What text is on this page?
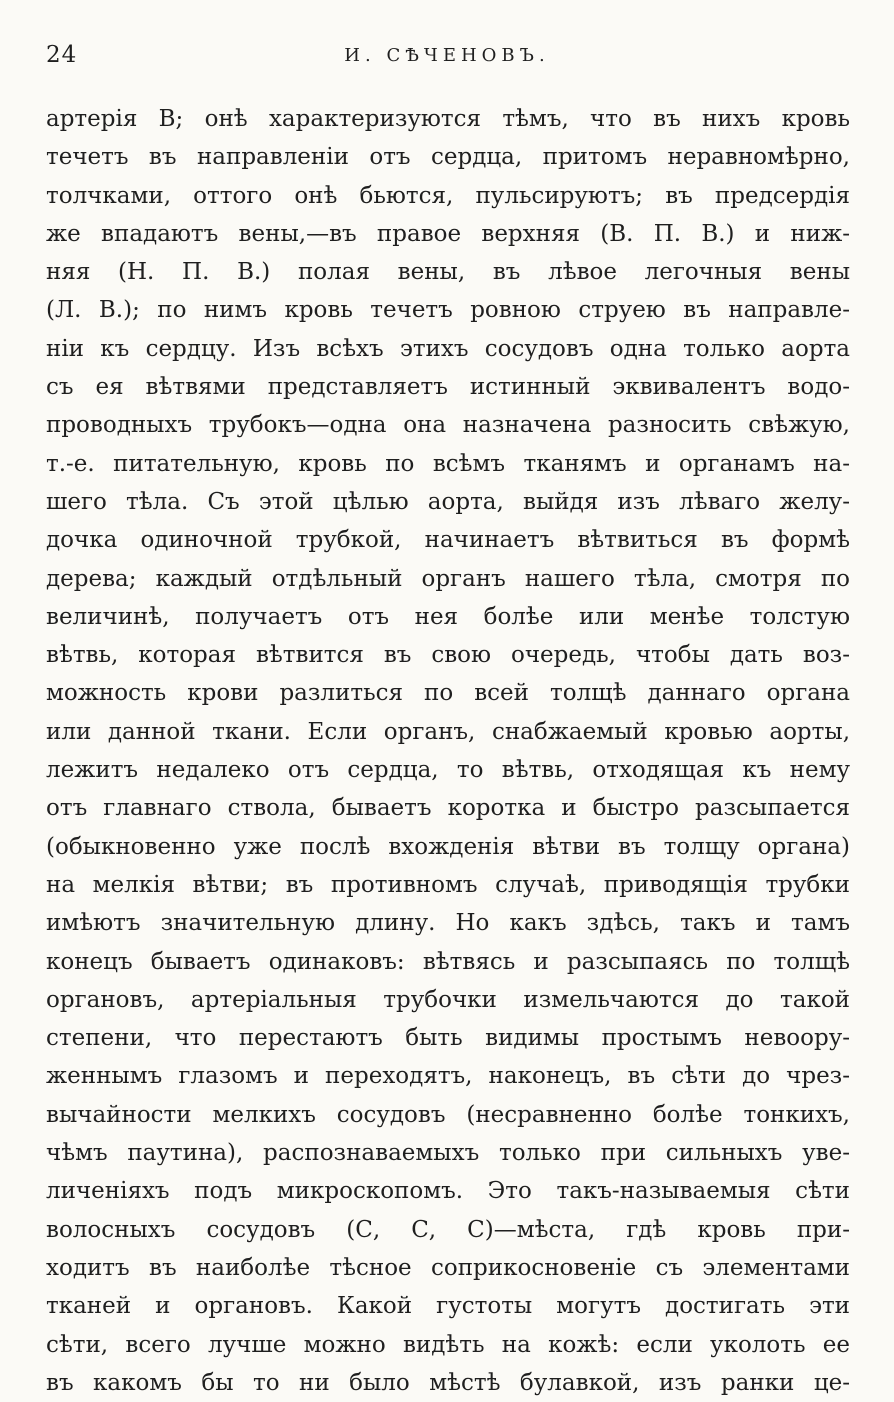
24	И. СѢЧЕНОВЪ.
артерія B; онѣ характеризуются тѣмъ, что въ нихъ кровь
течетъ въ направленіи отъ сердца, притомъ неравномѣрно,
толчками, оттого онѣ бьются, пульсируютъ; въ предсердія
же впадаютъ вены,—въ правое верхняя (В. П. В.) и ниж-
няя (Н. П. В.) полая вены, въ лѣвое легочныя вены
(Л. В.); по нимъ кровь течетъ ровною струею въ направле-
ніи къ сердцу. Изъ всѣхъ этихъ сосудовъ одна только аорта
съ ея вѣтвями представляетъ истинный эквивалентъ водо-
проводныхъ трубокъ—одна она назначена разносить свѣжую,
т.-е. питательную, кровь по всѣмъ тканямъ и органамъ на-
шего тѣла. Съ этой цѣлью аорта, выйдя изъ лѣваго желу-
дочка одиночной трубкой, начинаетъ вѣтвиться въ формѣ
дерева; каждый отдѣльный органъ нашего тѣла, смотря по
величинѣ, получаетъ отъ нея болѣе или менѣе толстую
вѣтвь, которая вѣтвится въ свою очередь, чтобы дать воз-
можность крови разлиться по всей толщѣ даннаго органа
или данной ткани. Если органъ, снабжаемый кровью аорты,
лежитъ недалеко отъ сердца, то вѣтвь, отходящая къ нему
отъ главнаго ствола, бываетъ коротка и быстро разсыпается
(обыкновенно уже послѣ вхожденія вѣтви въ толщу органа)
на мелкія вѣтви; въ противномъ случаѣ, приводящія трубки
имѣютъ значительную длину. Но какъ здѣсь, такъ и тамъ
конецъ бываетъ одинаковъ: вѣтвясь и разсыпаясь по толщѣ
органовъ, артеріальныя трубочки измельчаются до такой
степени, что перестаютъ быть видимы простымъ невоору-
женнымъ глазомъ и переходятъ, наконецъ, въ сѣти до чрез-
вычайности мелкихъ сосудовъ (несравненно болѣе тонкихъ,
чѣмъ паутина), распознаваемыхъ только при сильныхъ уве-
личеніяхъ подъ микроскопомъ. Это такъ-называемыя сѣти
волосныхъ сосудовъ (С, С, С)—мѣста, гдѣ кровь при-
ходитъ въ наиболѣе тѣсное соприкосновеніе съ элементами
тканей и органовъ. Какой густоты могутъ достигать эти
сѣти, всего лучше можно видѣть на кожѣ: если уколоть ее
въ какомъ бы то ни было мѣстѣ булавкой, изъ ранки це-
